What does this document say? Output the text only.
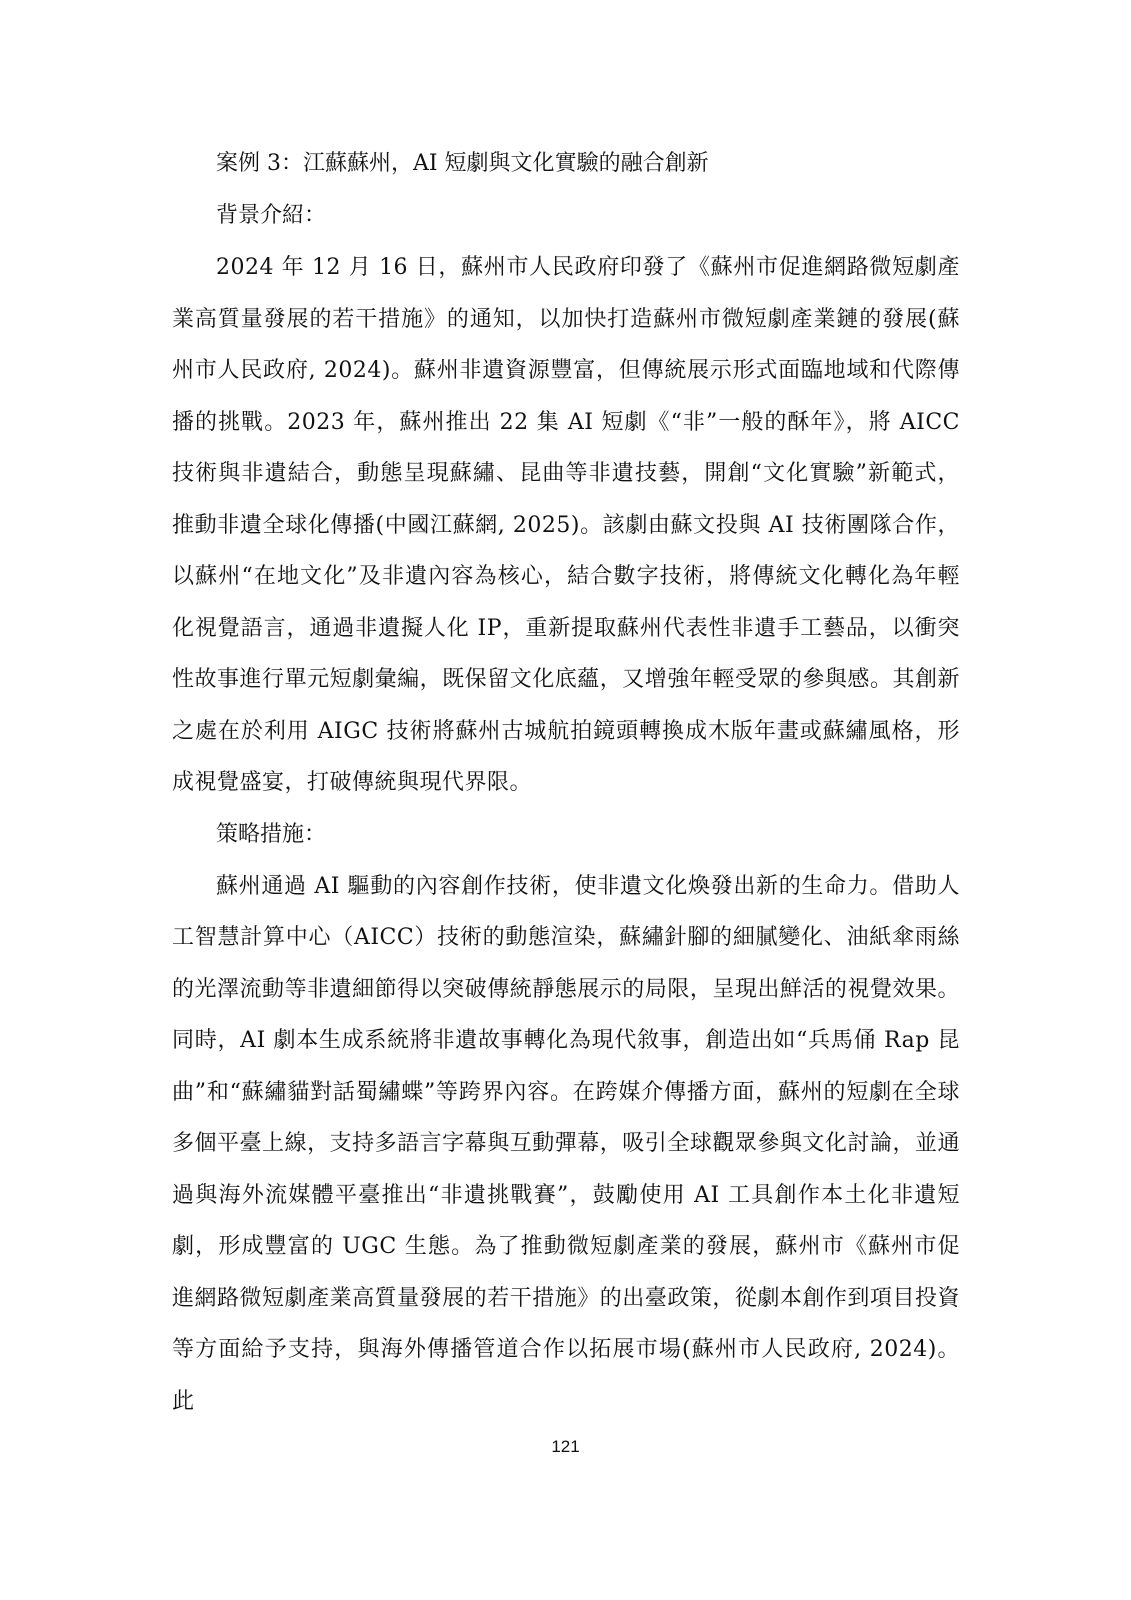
案例 3：江蘇蘇州，AI 短劇與文化實驗的融合創新

背景介紹：

2024 年 12 月 16 日，蘇州市人民政府印發了《蘇州市促進網路微短劇產業高質量發展的若干措施》的通知，以加快打造蘇州市微短劇產業鏈的發展(蘇州市人民政府, 2024)。蘇州非遺資源豐富，但傳統展示形式面臨地域和代際傳播的挑戰。2023 年，蘇州推出 22 集 AI 短劇《“非”一般的酥年》，將 AICC 技術與非遺結合，動態呈現蘇繡、昆曲等非遺技藝，開創“文化實驗”新範式，推動非遺全球化傳播(中國江蘇網, 2025)。該劇由蘇文投與 AI 技術團隊合作，以蘇州“在地文化”及非遺內容為核心，結合數字技術，將傳統文化轉化為年輕化視覺語言，通過非遺擬人化 IP，重新提取蘇州代表性非遺手工藝品，以衝突性故事進行單元短劇彙編，既保留文化底蘊，又增強年輕受眾的參與感。其創新之處在於利用 AIGC 技術將蘇州古城航拍鏡頭轉換成木版年畫或蘇繡風格，形成視覺盛宴，打破傳統與現代界限。

策略措施：

蘇州通過 AI 驅動的內容創作技術，使非遺文化煥發出新的生命力。借助人工智慧計算中心（AICC）技術的動態渲染，蘇繡針腳的細膩變化、油紙傘雨絲的光澤流動等非遺細節得以突破傳統靜態展示的局限，呈現出鮮活的視覺效果。同時，AI 劇本生成系統將非遺故事轉化為現代敘事，創造出如“兵馬俑 Rap 昆曲”和“蘇繡貓對話蜀繡蝶”等跨界內容。在跨媒介傳播方面，蘇州的短劇在全球多個平臺上線，支持多語言字幕與互動彈幕，吸引全球觀眾參與文化討論，並通過與海外流媒體平臺推出“非遺挑戰賽”，鼓勵使用 AI 工具創作本土化非遺短劇，形成豐富的 UGC 生態。為了推動微短劇產業的發展，蘇州市《蘇州市促進網路微短劇產業高質量發展的若干措施》的出臺政策，從劇本創作到項目投資等方面給予支持，與海外傳播管道合作以拓展市場(蘇州市人民政府, 2024)。此

121
